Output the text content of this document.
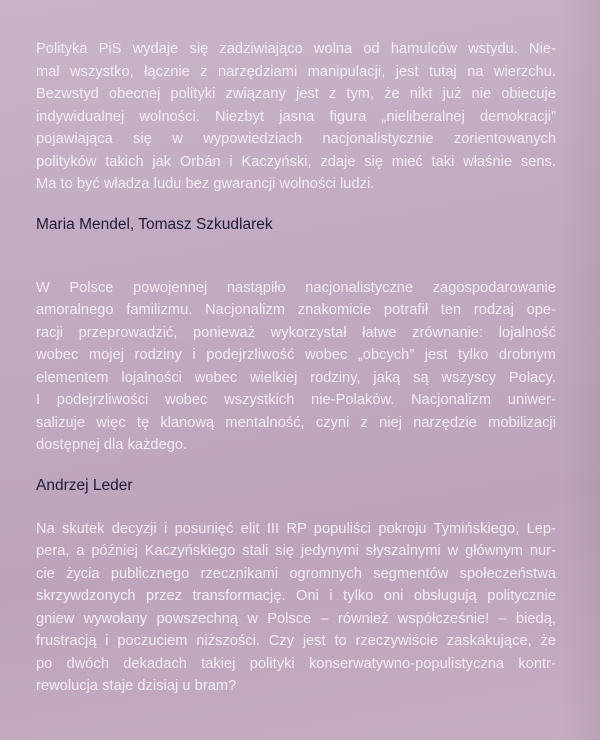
Polityka PiS wydaje się zadziwiająco wolna od hamulców wstydu. Nie-
mal wszystko, łącznie z narzędziami manipulacji, jest tutaj na wierzchu.
Bezwstyd obecnej polityki związany jest z tym, że nikt już nie obiecuje
indywidualnej wolności. Niezbyt jasna figura „nieliberalnej demokracji”
pojawiająca się w wypowiedziach nacjonalistycznie zorientowanych
polityków takich jak Orbán i Kaczyński, zdaje się mieć taki właśnie sens.
Ma to być władza ludu bez gwarancji wolności ludzi.
Maria Mendel, Tomasz Szkudlarek
W Polsce powojennej nastąpiło nacjonalistyczne zagospodarowanie
amoralnego familizmu. Nacjonalizm znakomicie potrafił ten rodzaj ope-
racji przeprowadzić, ponieważ wykorzystał łatwe zrównanie: lojalność
wobec mojej rodziny i podejrzliwość wobec „obcych” jest tylko drobnym
elementem lojalności wobec wielkiej rodziny, jaką są wszyscy Polacy.
I podejrzliwości wobec wszystkich nie-Polaków. Nacjonalizm uniwer-
salizuje więc tę klanową mentalność, czyni z niej narzędzie mobilizacji
dostępnej dla każdego.
Andrzej Leder
Na skutek decyzji i posunięć elit III RP populiści pokroju Tymińskiego, Lep-
pera, a później Kaczyńskiego stali się jedynymi słyszalnymi w głównym nur-
cie życia publicznego rzecznikami ogromnych segmentów społeczeństwa
skrzywdzonych przez transformację. Oni i tylko oni obsługują politycznie
gniew wywołany powszechną w Polsce – również współcześnie! – biedą,
frustracją i poczuciem niższości. Czy jest to rzeczywiście zaskakujące, że
po dwóch dekadach takiej polityki konserwatywno-populistyczna kontr-
rewolucja staje dzisiaj u bram?
